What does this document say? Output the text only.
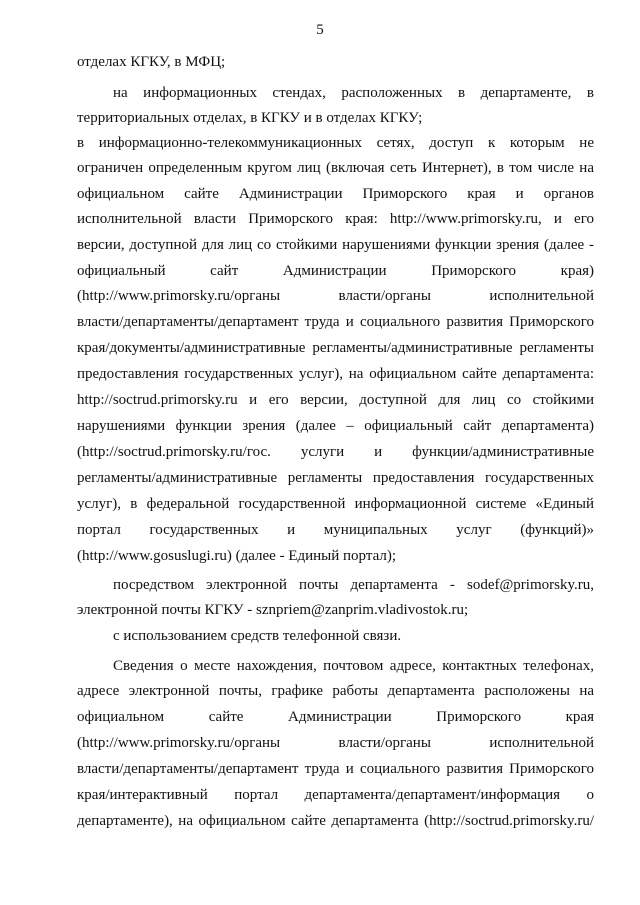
5
отделах КГКУ, в МФЦ;
на информационных стендах, расположенных в департаменте, в
территориальных отделах, в КГКУ и в отделах КГКУ;
в информационно-телекоммуникационных сетях, доступ к которым не
ограничен определенным кругом лиц (включая сеть Интернет), в том числе на
официальном сайте Администрации Приморского края и органов
исполнительной власти Приморского края: http://www.primorsky.ru, и его
версии, доступной для лиц со стойкими нарушениями функции зрения (далее -
официальный сайт Администрации Приморского края)
(http://www.primorsky.ru/органы власти/органы исполнительной
власти/департаменты/департамент труда и социального развития Приморского
края/документы/административные регламенты/административные регламенты
предоставления государственных услуг), на официальном сайте департамента:
http://soctrud.primorsky.ru и его версии, доступной для лиц со стойкими
нарушениями функции зрения (далее – официальный сайт департамента)
(http://soctrud.primorsky.ru/гос. услуги и функции/административные
регламенты/административные регламенты предоставления государственных
услуг), в федеральной государственной информационной системе «Единый
портал государственных и муниципальных услуг (функций)»
(http://www.gosuslugi.ru) (далее - Единый портал);
посредством электронной почты департамента - sodef@primorsky.ru,
электронной почты КГКУ - sznpriem@zanprim.vladivostok.ru;
с использованием средств телефонной связи.
Сведения о месте нахождения, почтовом адресе, контактных телефонах,
адресе электронной почты, графике работы департамента расположены на
официальном сайте Администрации Приморского края
(http://www.primorsky.ru/органы власти/органы исполнительной
власти/департаменты/департамент труда и социального развития Приморского
края/интерактивный портал департамента/департамент/информация о
департаменте), на официальном сайте департамента (http://soctrud.primorsky.ru/
